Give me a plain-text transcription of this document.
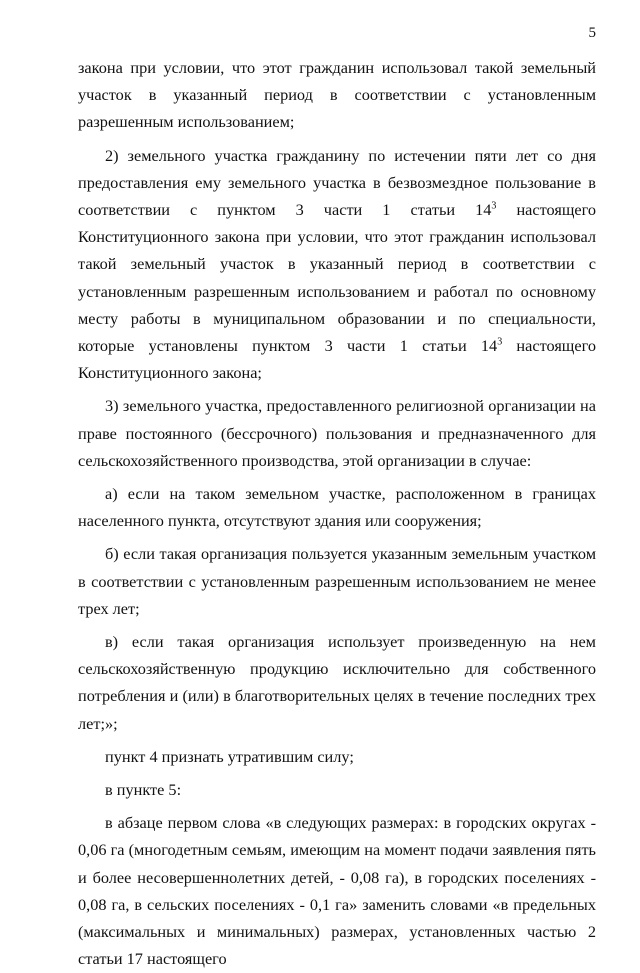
5

закона при условии, что этот гражданин использовал такой земельный участок в указанный период в соответствии с установленным разрешенным использованием;

2) земельного участка гражданину по истечении пяти лет со дня предоставления ему земельного участка в безвозмездное пользование в соответствии с пунктом 3 части 1 статьи $14^3$ настоящего Конституционного закона при условии, что этот гражданин использовал такой земельный участок в указанный период в соответствии с установленным разрешенным использованием и работал по основному месту работы в муниципальном образовании и по специальности, которые установлены пунктом 3 части 1 статьи $14^3$ настоящего Конституционного закона;

3) земельного участка, предоставленного религиозной организации на праве постоянного (бессрочного) пользования и предназначенного для сельскохозяйственного производства, этой организации в случае:

а) если на таком земельном участке, расположенном в границах населенного пункта, отсутствуют здания или сооружения;

б) если такая организация пользуется указанным земельным участком в соответствии с установленным разрешенным использованием не менее трех лет;

в) если такая организация использует произведенную на нем сельскохозяйственную продукцию исключительно для собственного потребления и (или) в благотворительных целях в течение последних трех лет;»;

пункт 4 признать утратившим силу;

в пункте 5:

в абзаце первом слова «в следующих размерах: в городских округах - 0,06 га (многодетным семьям, имеющим на момент подачи заявления пять и более несовершеннолетних детей, - 0,08 га), в городских поселениях - 0,08 га, в сельских поселениях - 0,1 га» заменить словами «в предельных (максимальных и минимальных) размерах, установленных частью 2 статьи 17 настоящего
